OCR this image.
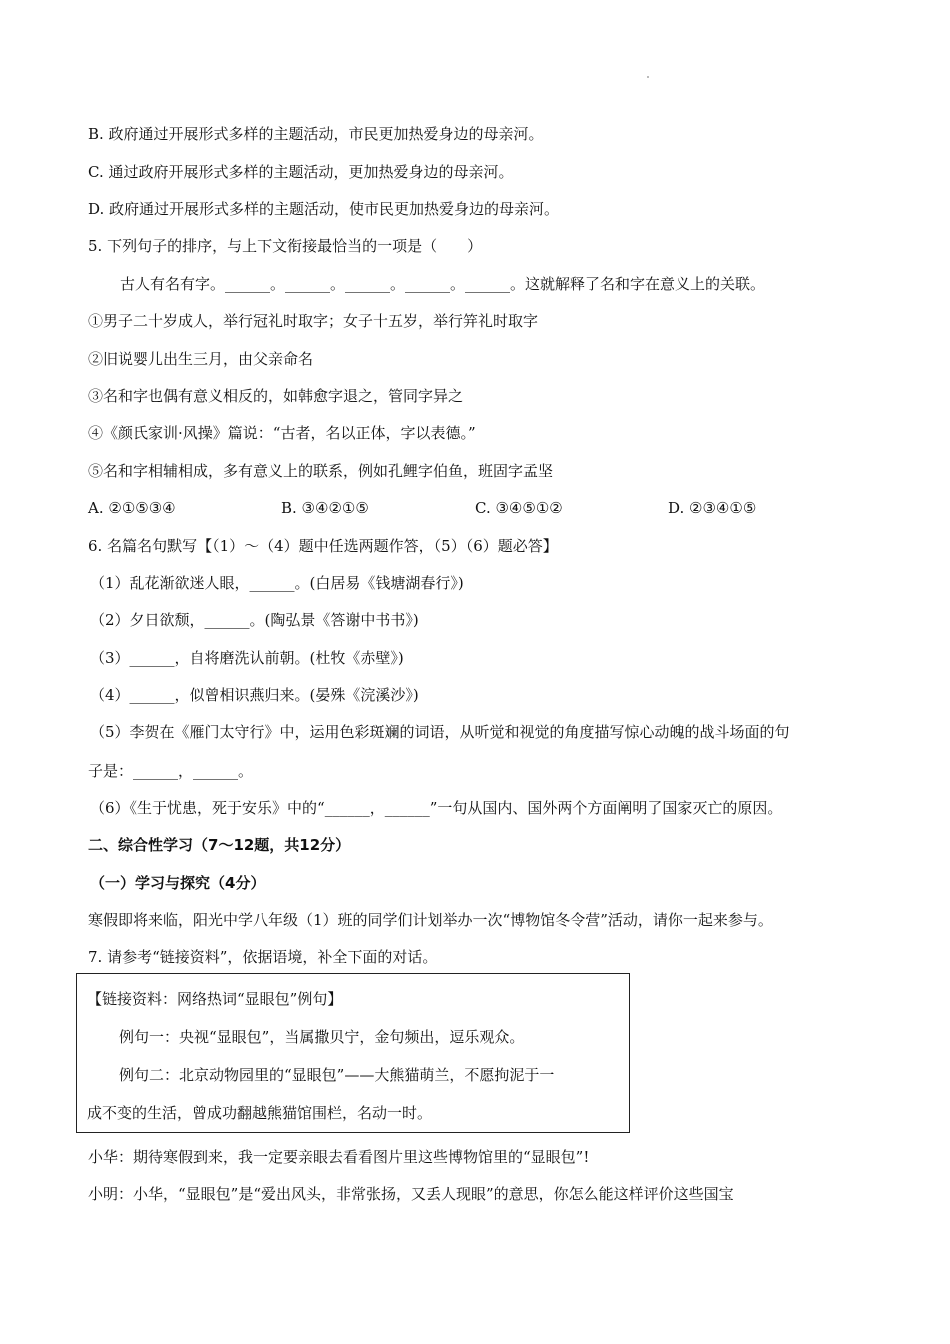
B. 政府通过开展形式多样的主题活动，市民更加热爱身边的母亲河。
C. 通过政府开展形式多样的主题活动，更加热爱身边的母亲河。
D. 政府通过开展形式多样的主题活动，使市民更加热爱身边的母亲河。
5. 下列句子的排序，与上下文衔接最恰当的一项是（　　）
古人有名有字。______。______。______。______。______。这就解释了名和字在意义上的关联。
①男子二十岁成人，举行冠礼时取字；女子十五岁，举行笄礼时取字
②旧说婴儿出生三月，由父亲命名
③名和字也偶有意义相反的，如韩愈字退之，管同字异之
④《颜氏家训·风操》篇说：“古者，名以正体，字以表德。”
⑤名和字相辅相成，多有意义上的联系，例如孔鲤字伯鱼，班固字孟坚
A. ②①⑤③④	B. ③④②①⑤	C. ③④⑤①②	D. ②③④①⑤
6. 名篇名句默写【（1）～（4）题中任选两题作答，（5）（6）题必答】
（1）乱花渐欲迷人眼，______。(白居易《钱塘湖春行》)
（2）夕日欲颓，______。(陶弘景《答谢中书书》)
（3）______，自将磨洗认前朝。(杜牧《赤壁》)
（4）______，似曾相识燕归来。(晏殊《浣溪沙》)
（5）李贺在《雁门太守行》中，运用色彩斑斓的词语，从听觉和视觉的角度描写惊心动魄的战斗场面的句
子是：______，______。
（6）《生于忧患，死于安乐》中的“______，______”一句从国内、国外两个方面阐明了国家灭亡的原因。
二、综合性学习（7～12题，共12分）
（一）学习与探究（4分）
寒假即将来临，阳光中学八年级（1）班的同学们计划举办一次“博物馆冬令营”活动，请你一起来参与。
7. 请参考“链接资料”，依据语境，补全下面的对话。
【链接资料：网络热词“显眼包”例句】
例句一：央视“显眼包”，当属撒贝宁，金句频出，逗乐观众。
例句二：北京动物园里的“显眼包”——大熊猫萌兰，不愿拘泥于一
成不变的生活，曾成功翻越熊猫馆围栏，名动一时。
小华：期待寒假到来，我一定要亲眼去看看图片里这些博物馆里的“显眼包”!
小明：小华，“显眼包”是“爱出风头，非常张扬，又丢人现眼”的意思，你怎么能这样评价这些国宝
